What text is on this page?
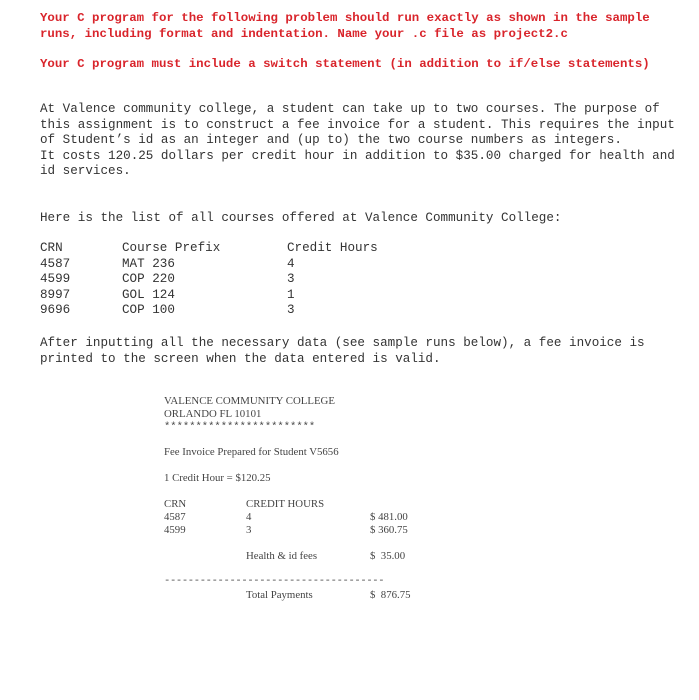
Your C program for the following problem should run exactly as shown in the sample runs, including format and indentation. Name your .c file as project2.c
Your C program must include a switch statement (in addition to if/else statements)
At Valence community college, a student can take up to two courses. The purpose of this assignment is to construct a fee invoice for a student. This requires the input of Student’s id as an integer and (up to) the two course numbers as integers.
It costs 120.25 dollars per credit hour in addition to $35.00 charged for health and id services.
Here is the list of all courses offered at Valence Community College:
CRN	Course Prefix	Credit Hours
4587	MAT 236	4
4599	COP 220	3
8997	GOL 124	1
9696	COP 100	3
After inputting all the necessary data (see sample runs below), a fee invoice is printed to the screen when the data entered is valid.
VALENCE COMMUNITY COLLEGE
ORLANDO FL 10101
************************
Fee Invoice Prepared for Student V5656
1 Credit Hour = $120.25
CRN	CREDIT HOURS
4587	4	$ 481.00
4599	3	$ 360.75
Health & id fees	$  35.00
-------------------------------------
Total Payments	$  876.75
